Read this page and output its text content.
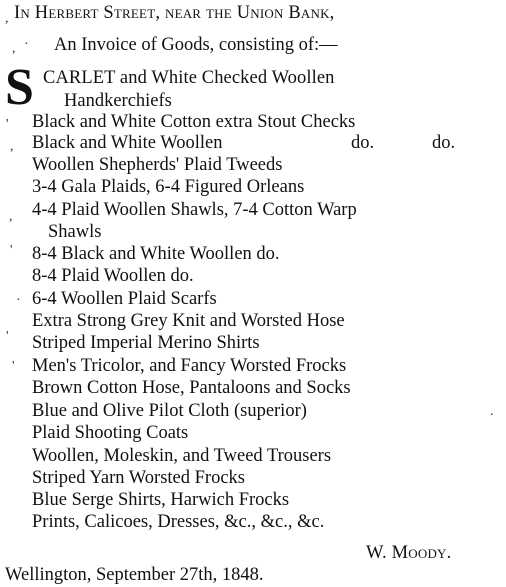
In Herbert Street, near the Union Bank,
An Invoice of Goods, consisting of:—
S CARLET and White Checked Woollen
Handkerchiefs
Black and White Cotton extra Stout Checks
Black and White Woollen	do.	do.
Woollen Shepherds' Plaid Tweeds
3-4 Gala Plaids, 6-4 Figured Orleans
4-4 Plaid Woollen Shawls, 7-4 Cotton Warp
Shawls
8-4 Black and White Woollen do.
8-4 Plaid Woollen do.
6-4 Woollen Plaid Scarfs
Extra Strong Grey Knit and Worsted Hose
Striped Imperial Merino Shirts
Men's Tricolor, and Fancy Worsted Frocks
Brown Cotton Hose, Pantaloons and Socks
Blue and Olive Pilot Cloth (superior)
Plaid Shooting Coats
Woollen, Moleskin, and Tweed Trousers
Striped Yarn Worsted Frocks
Blue Serge Shirts, Harwich Frocks
Prints, Calicoes, Dresses, &c., &c., &c.
W. Moody.
Wellington, September 27th, 1848.
,
, ·
'
,
,
'
·
'
'
.
